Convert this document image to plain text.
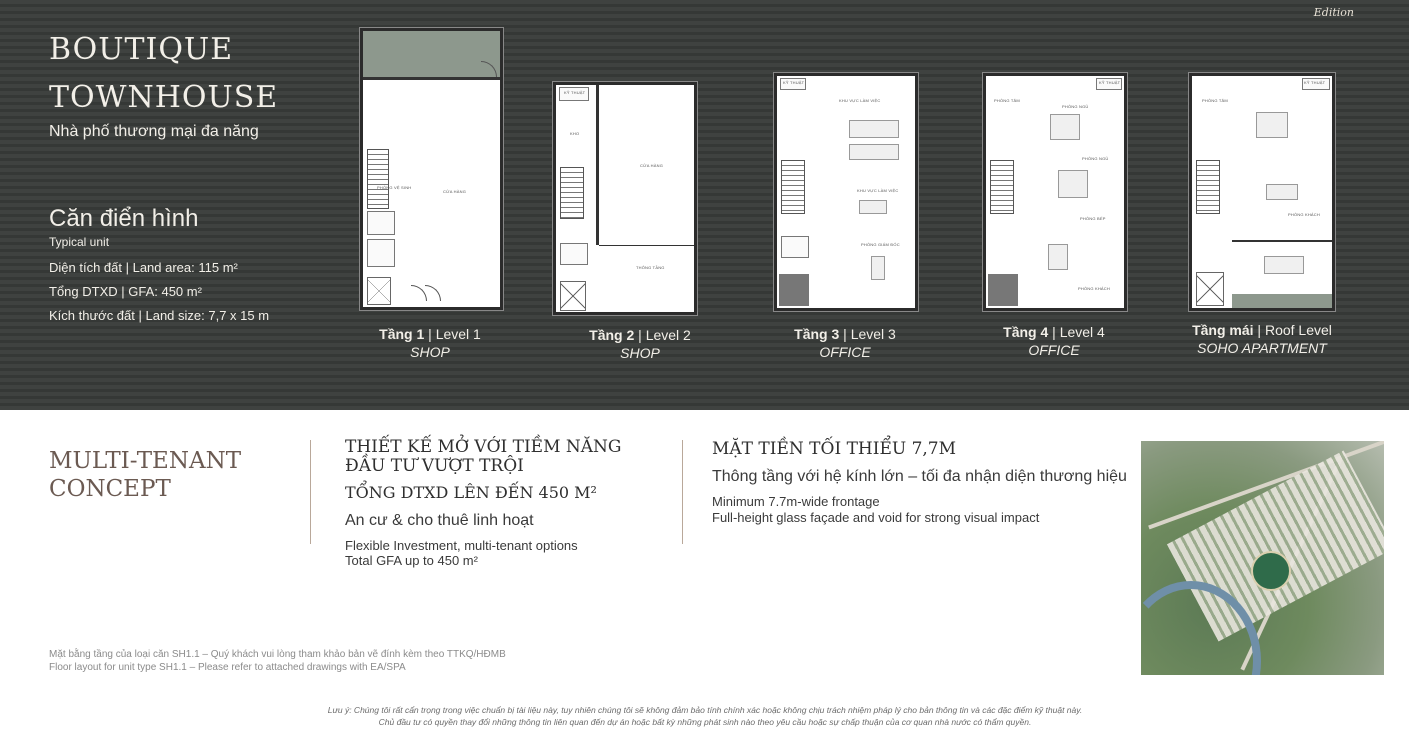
Edition
BOUTIQUE
TOWNHOUSE
Nhà phố thương mại đa năng
Căn điển hình
Typical unit
Diện tích đất | Land area: 115 m²
Tổng DTXD | GFA: 450 m²
Kích thước đất | Land size: 7,7 x 15 m
PHÒNG VỆ SINH
CỬA HÀNG
KỸ THUẬT
KHO
CỬA HÀNG
THÔNG TẦNG
KỸ THUẬT
KHU VỰC LÀM VIỆC
KHU VỰC LÀM VIỆC
PHÒNG GIÁM ĐỐC
KỸ THUẬT
PHÒNG TẮM
PHÒNG NGỦ
PHÒNG NGỦ
PHÒNG BẾP
PHÒNG KHÁCH
KỸ THUẬT
PHÒNG TẮM
PHÒNG KHÁCH
Tầng 1 | Level 1
SHOP
Tầng 2 | Level 2
SHOP
Tầng 3 | Level 3
OFFICE
Tầng 4 | Level 4
OFFICE
Tầng mái | Roof Level
SOHO APARTMENT
MULTI-TENANT
CONCEPT
THIẾT KẾ MỞ VỚI TIỀM NĂNG ĐẦU TƯ VƯỢT TRỘI
TỔNG DTXD LÊN ĐẾN 450 M²
An cư & cho thuê linh hoạt
Flexible Investment, multi-tenant options
Total GFA up to 450 m²
MẶT TIỀN TỐI THIỂU 7,7M
Thông tầng với hệ kính lớn – tối đa nhận diện thương hiệu
Minimum 7.7m-wide frontage
Full-height glass façade and void for strong visual impact
Mặt bằng tầng của loại căn SH1.1 – Quý khách vui lòng tham khảo bản vẽ đính kèm theo TTKQ/HĐMB
Floor layout for unit type SH1.1 – Please refer to attached drawings with EA/SPA
Lưu ý: Chúng tôi rất cẩn trọng trong việc chuẩn bị tài liệu này, tuy nhiên chúng tôi sẽ không đảm bảo tính chính xác hoặc không chịu trách nhiệm pháp lý cho bản thông tin và các đặc điểm kỹ thuật này.
Chủ đầu tư có quyền thay đổi những thông tin liên quan đến dự án hoặc bất kỳ những phát sinh nào theo yêu cầu hoặc sự chấp thuận của cơ quan nhà nước có thẩm quyền.
